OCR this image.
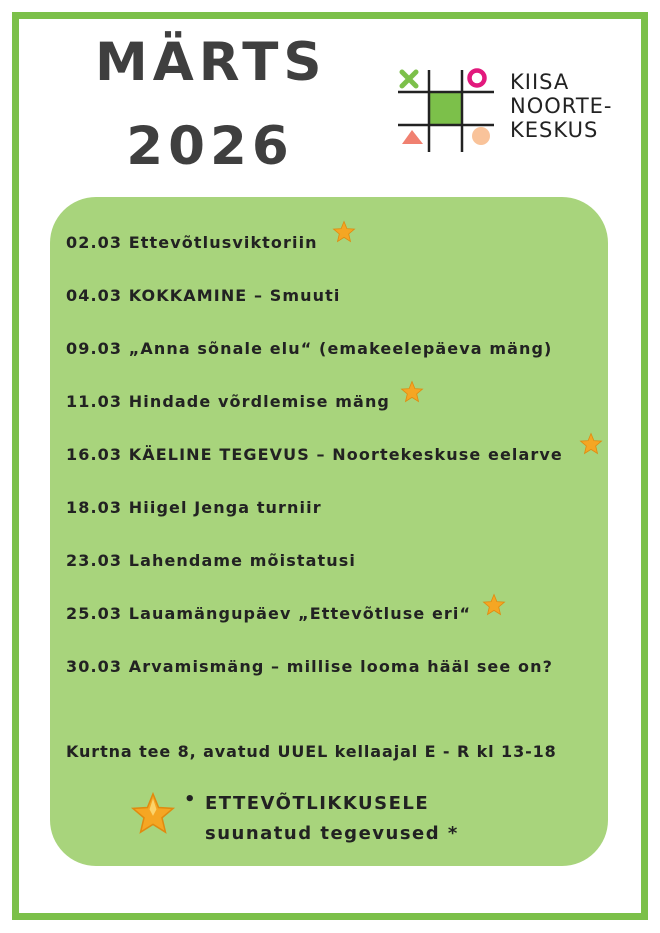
MÄRTS
2026
KIISA
NOORTE-
KESKUS
02.03 Ettevõtlusviktoriin
04.03 KOKKAMINE – Smuuti
09.03 „Anna sõnale elu“ (emakeelepäeva mäng)
11.03 Hindade võrdlemise mäng
16.03 KÄELINE TEGEVUS – Noortekeskuse eelarve
18.03 Hiigel Jenga turniir
23.03 Lahendame mõistatusi
25.03 Lauamängupäev „Ettevõtluse eri“
30.03 Arvamismäng – millise looma hääl see on?
Kurtna tee 8, avatud UUEL kellaajal E - R kl 13-18
• ETTEVÕTLIKKUSELE
suunatud tegevused *
